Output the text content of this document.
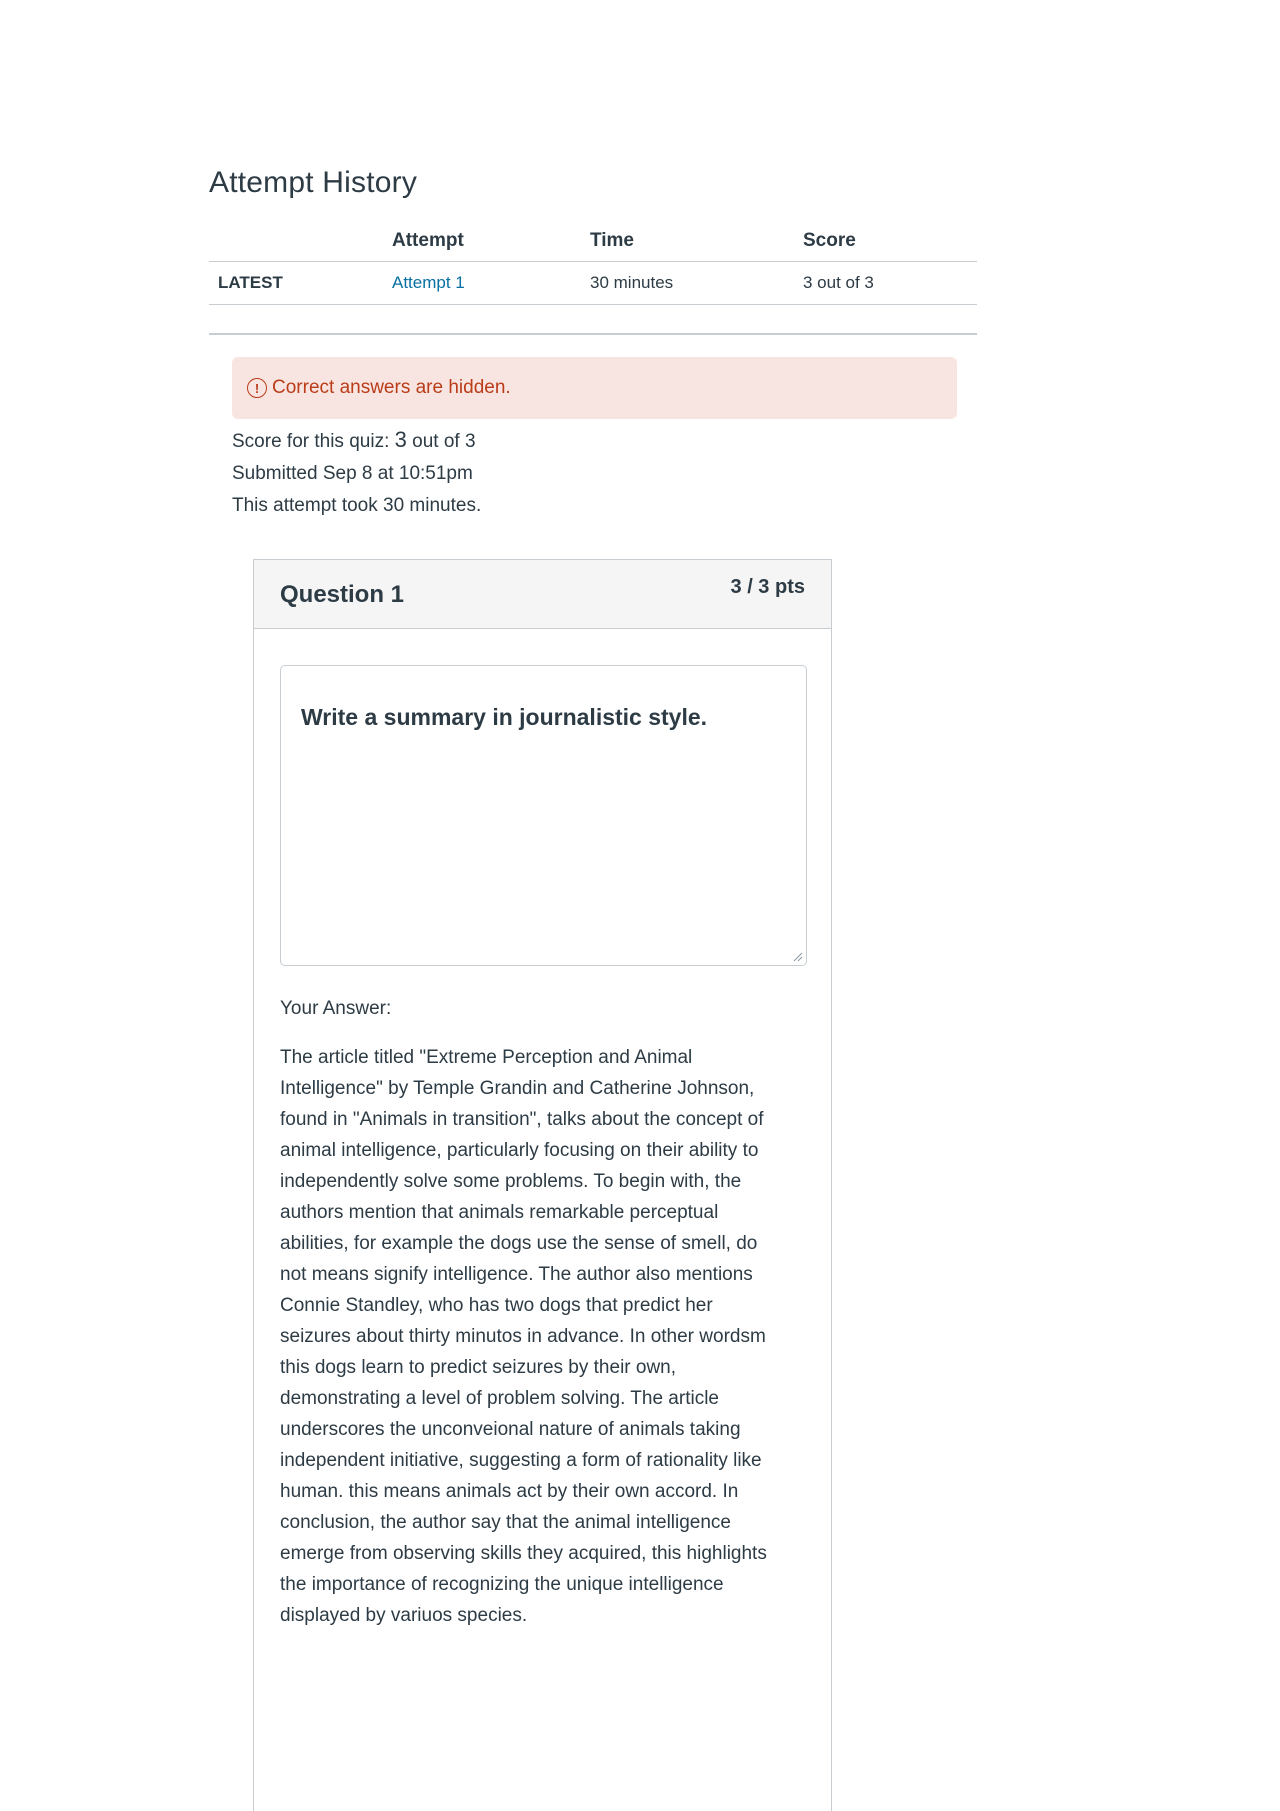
Attempt History
	Attempt	Time	Score
LATEST	Attempt 1	30 minutes	3 out of 3
! Correct answers are hidden.
Score for this quiz: 3 out of 3
Submitted Sep 8 at 10:51pm
This attempt took 30 minutes.
Question 1	3 / 3 pts
Write a summary in journalistic style.
Your Answer:
The article titled "Extreme Perception and Animal
Intelligence" by Temple Grandin and Catherine Johnson,
found in "Animals in transition", talks about the concept of
animal intelligence, particularly focusing on their ability to
independently solve some problems. To begin with, the
authors mention that animals remarkable perceptual
abilities, for example the dogs use the sense of smell, do
not means signify intelligence. The author also mentions
Connie Standley, who has two dogs that predict her
seizures about thirty minutos in advance. In other wordsm
this dogs learn to predict seizures by their own,
demonstrating a level of problem solving. The article
underscores the unconveional nature of animals taking
independent initiative, suggesting a form of rationality like
human. this means animals act by their own accord. In
conclusion, the author say that the animal intelligence
emerge from observing skills they acquired, this highlights
the importance of recognizing the unique intelligence
displayed by variuos species.
